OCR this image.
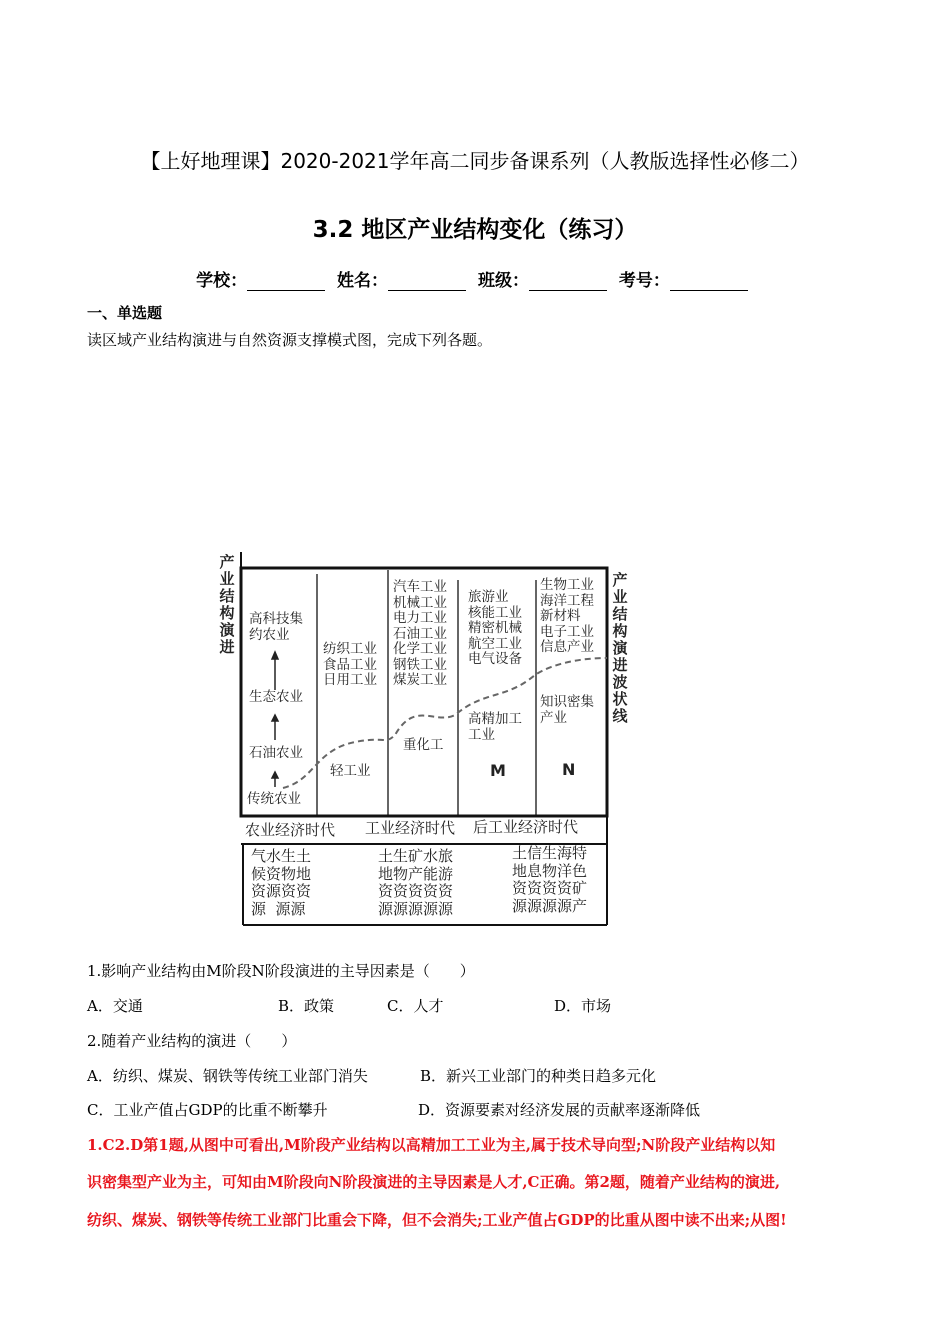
【上好地理课】2020-2021学年高二同步备课系列（人教版选择性必修二）
3.2 地区产业结构变化（练习）
学校：	姓名：	班级：	考号：
一、单选题
读区域产业结构演进与自然资源支撑模式图，完成下列各题。
产业结构演进
产业结构演进波状线
高科技集
约农业
生态农业
石油农业
传统农业
纺织工业
食品工业
日用工业
轻工业
汽车工业
机械工业
电力工业
石油工业
化学工业
钢铁工业
煤炭工业
重化工
旅游业
核能工业
精密机械
航空工业
电气设备
高精加工
工业
M
生物工业
海洋工程
新材料
电子工业
信息产业
知识密集
产业
N
农业经济时代 工业经济时代 后工业经济时代
气水生土
候资物地
资源资资
源  源源
土生矿水旅
地物产能游
资资资资资
源源源源源
土信生海特
地息物洋色
资资资资矿
源源源源产
1.影响产业结构由M阶段N阶段演进的主导因素是（　　）
A．交通	B．政策	C．人才	D．市场
2.随着产业结构的演进（　　）
A．纺织、煤炭、钢铁等传统工业部门消失	B．新兴工业部门的种类日趋多元化
C．工业产值占GDP的比重不断攀升	D．资源要素对经济发展的贡献率逐渐降低
1.C2.D第1题,从图中可看出,M阶段产业结构以高精加工工业为主,属于技术导向型;N阶段产业结构以知
识密集型产业为主，可知由M阶段向N阶段演进的主导因素是人才,C正确。第2题，随着产业结构的演进,
纺织、煤炭、钢铁等传统工业部门比重会下降，但不会消失;工业产值占GDP的比重从图中读不出来;从图!
